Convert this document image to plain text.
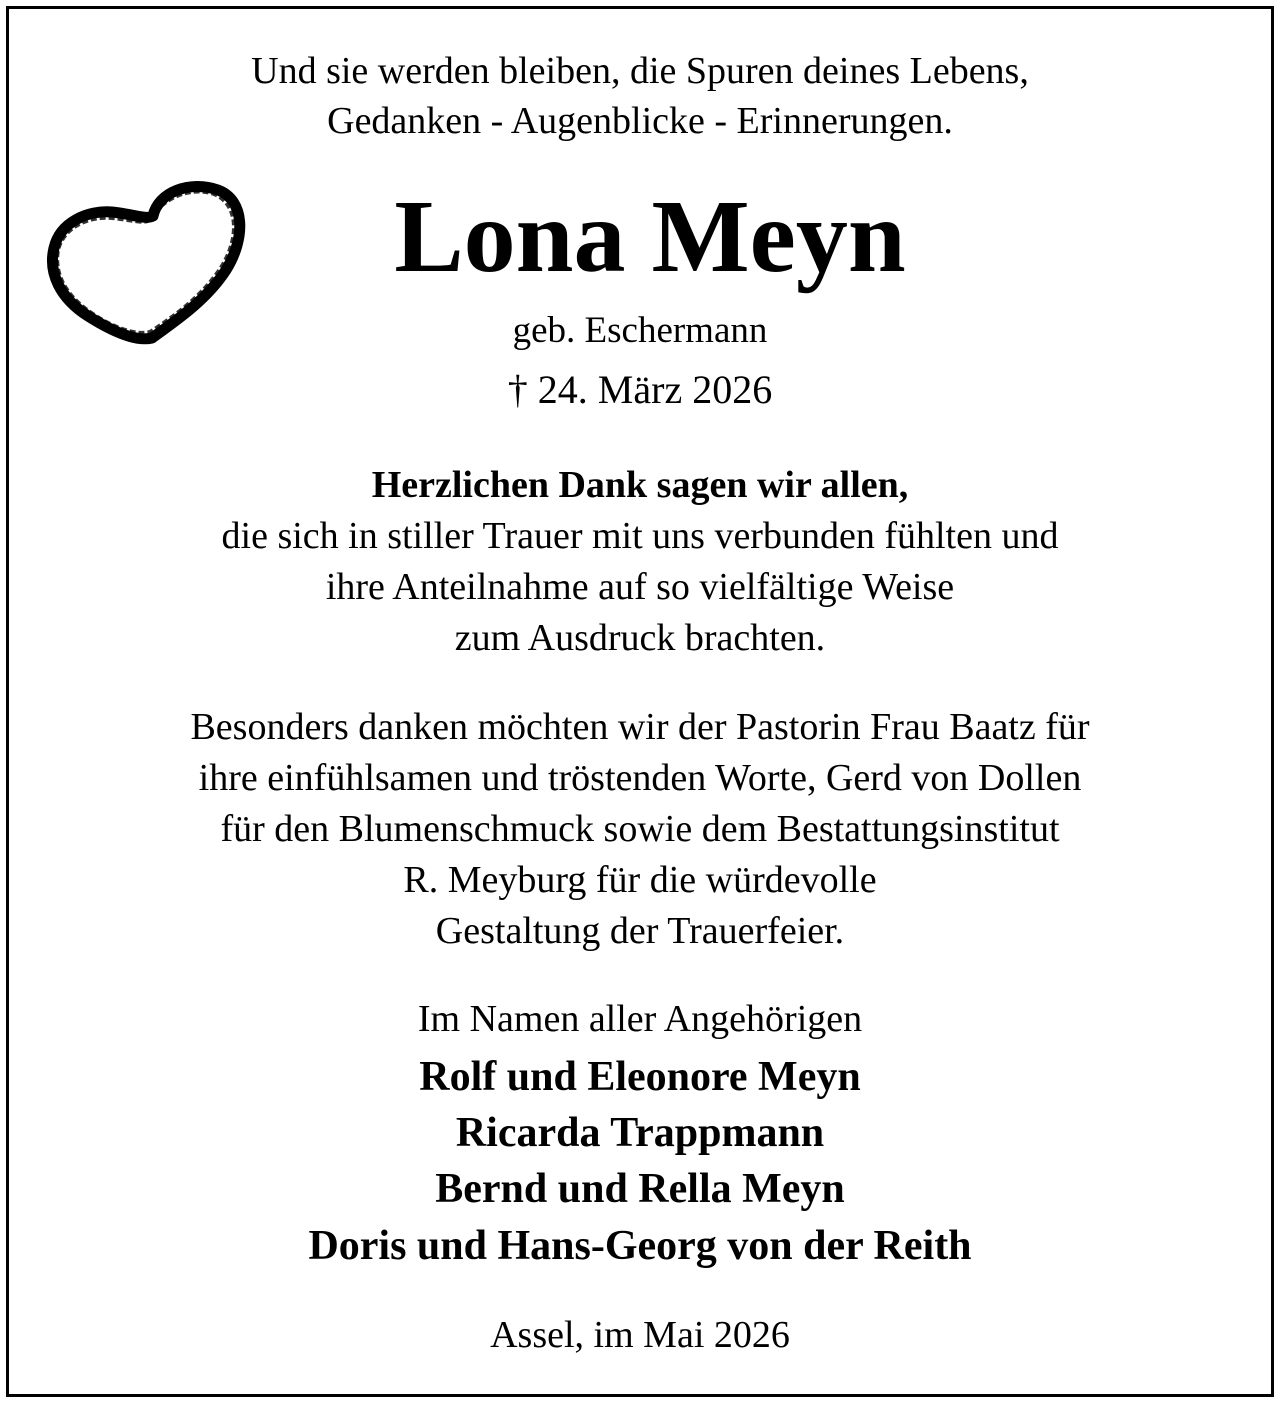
Und sie werden bleiben, die Spuren deines Lebens,
Gedanken - Augenblicke - Erinnerungen.
Lona Meyn
geb. Eschermann
† 24. März 2026
Herzlichen Dank sagen wir allen,
die sich in stiller Trauer mit uns verbunden fühlten und
ihre Anteilnahme auf so vielfältige Weise
zum Ausdruck brachten.
Besonders danken möchten wir der Pastorin Frau Baatz für
ihre einfühlsamen und tröstenden Worte, Gerd von Dollen
für den Blumenschmuck sowie dem Bestattungsinstitut
R. Meyburg für die würdevolle
Gestaltung der Trauerfeier.
Im Namen aller Angehörigen
Rolf und Eleonore Meyn
Ricarda Trappmann
Bernd und Rella Meyn
Doris und Hans-Georg von der Reith
Assel, im Mai 2026
